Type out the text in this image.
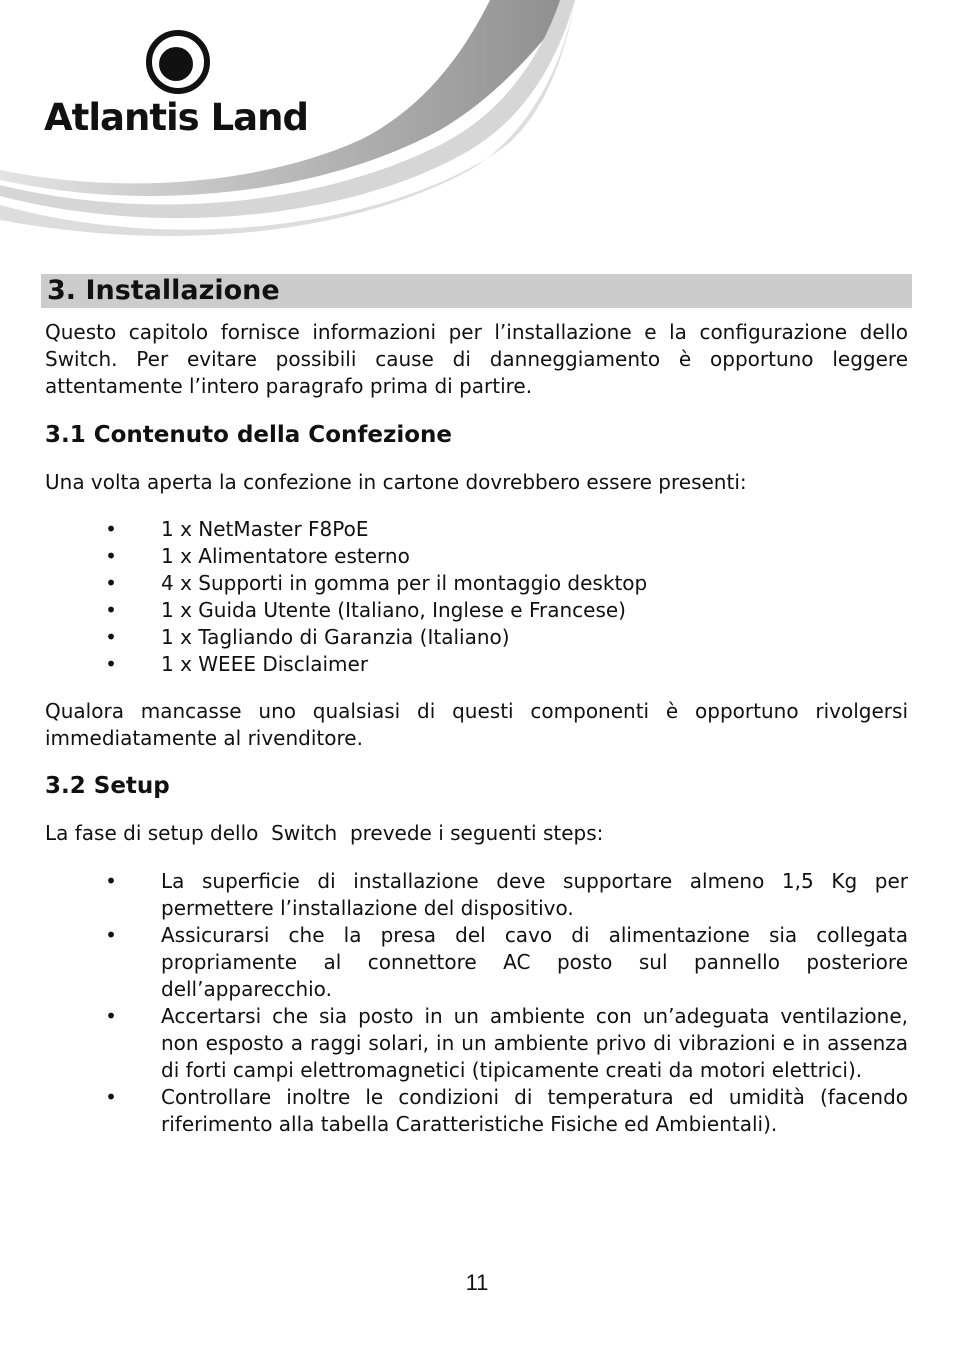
Atlantis Land
3. Installazione
Questo capitolo fornisce informazioni per l’installazione e la configurazione dello Switch. Per evitare possibili cause di danneggiamento è opportuno leggere attentamente l’intero paragrafo prima di partire.
3.1 Contenuto della Confezione
Una volta aperta la confezione in cartone dovrebbero essere presenti:
• 1 x NetMaster F8PoE
• 1 x Alimentatore esterno
• 4 x Supporti in gomma per il montaggio desktop
• 1 x Guida Utente (Italiano, Inglese e Francese)
• 1 x Tagliando di Garanzia (Italiano)
• 1 x WEEE Disclaimer
Qualora mancasse uno qualsiasi di questi componenti è opportuno rivolgersi immediatamente al rivenditore.
3.2 Setup
La fase di setup dello  Switch  prevede i seguenti steps:
• La superficie di installazione deve supportare almeno 1,5 Kg per permettere l’installazione del dispositivo.
• Assicurarsi che la presa del cavo di alimentazione sia collegata propriamente al connettore AC posto sul pannello posteriore dell’apparecchio.
• Accertarsi che sia posto in un ambiente con un’adeguata ventilazione, non esposto a raggi solari, in un ambiente privo di vibrazioni e in assenza di forti campi elettromagnetici (tipicamente creati da motori elettrici).
• Controllare inoltre le condizioni di temperatura ed umidità (facendo riferimento alla tabella Caratteristiche Fisiche ed Ambientali).
11
